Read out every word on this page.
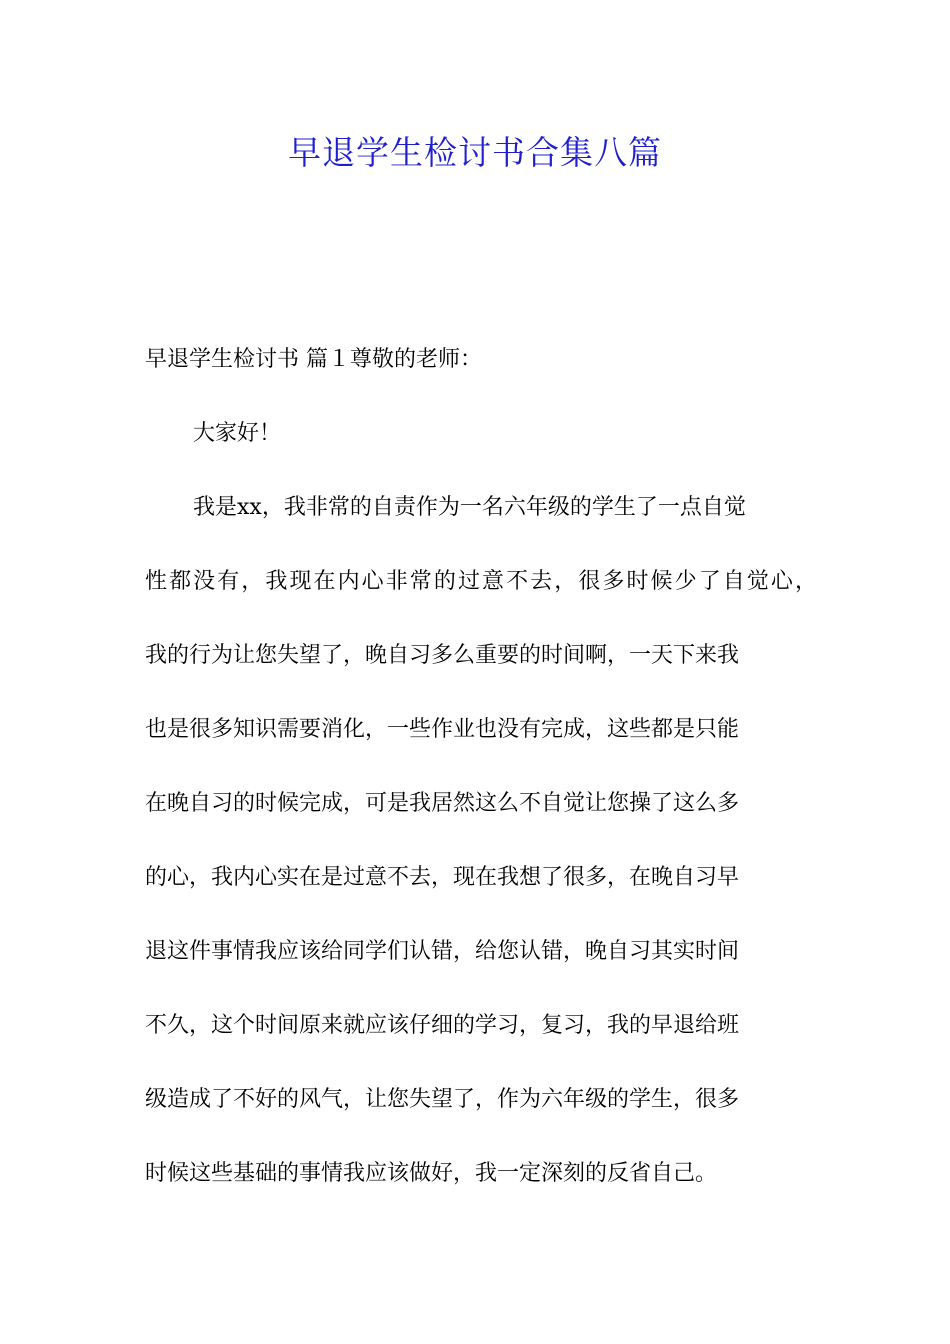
早退学生检讨书合集八篇
早退学生检讨书 篇１尊敬的老师：
大家好！
我是xx，我非常的自责作为一名六年级的学生了一点自觉
性都没有，我现在内心非常的过意不去，很多时候少了自觉心，
我的行为让您失望了，晚自习多么重要的时间啊，一天下来我
也是很多知识需要消化，一些作业也没有完成，这些都是只能
在晚自习的时候完成，可是我居然这么不自觉让您操了这么多
的心，我内心实在是过意不去，现在我想了很多，在晚自习早
退这件事情我应该给同学们认错，给您认错，晚自习其实时间
不久，这个时间原来就应该仔细的学习，复习，我的早退给班
级造成了不好的风气，让您失望了，作为六年级的学生，很多
时候这些基础的事情我应该做好，我一定深刻的反省自己。
